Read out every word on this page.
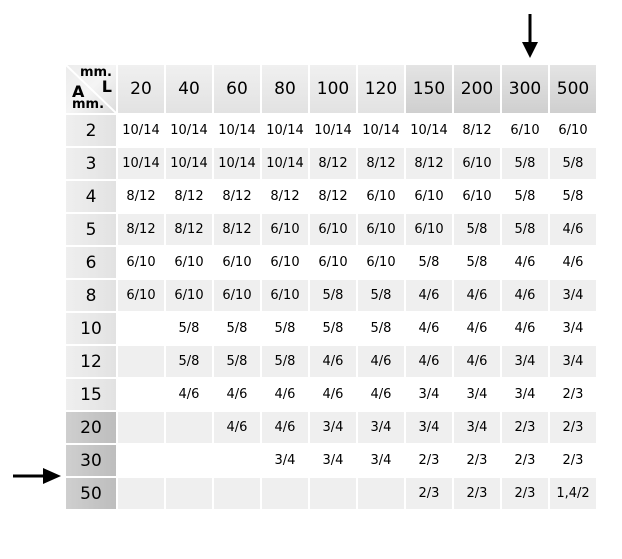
mm.
L
A
mm.	20	40	60	80	100	120	150	200	300	500
2	10/14	10/14	10/14	10/14	10/14	10/14	10/14	8/12	6/10	6/10
3	10/14	10/14	10/14	10/14	8/12	8/12	8/12	6/10	5/8	5/8
4	8/12	8/12	8/12	8/12	8/12	6/10	6/10	6/10	5/8	5/8
5	8/12	8/12	8/12	6/10	6/10	6/10	6/10	5/8	5/8	4/6
6	6/10	6/10	6/10	6/10	6/10	6/10	5/8	5/8	4/6	4/6
8	6/10	6/10	6/10	6/10	5/8	5/8	4/6	4/6	4/6	3/4
10		5/8	5/8	5/8	5/8	5/8	4/6	4/6	4/6	3/4
12		5/8	5/8	5/8	4/6	4/6	4/6	4/6	3/4	3/4
15		4/6	4/6	4/6	4/6	4/6	3/4	3/4	3/4	2/3
20			4/6	4/6	3/4	3/4	3/4	3/4	2/3	2/3
30				3/4	3/4	3/4	2/3	2/3	2/3	2/3
50							2/3	2/3	2/3	1,4/2
